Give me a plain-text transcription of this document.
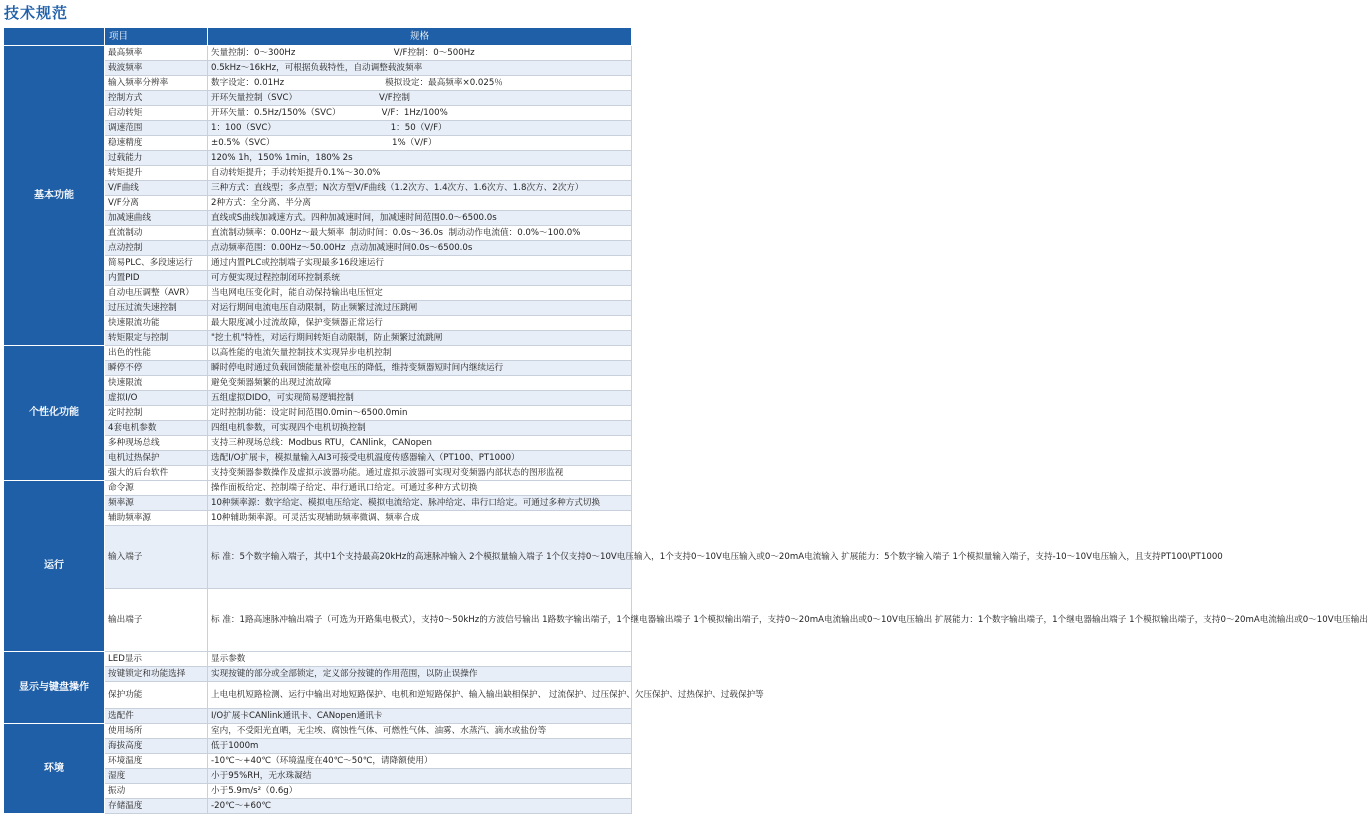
技术规范
	项目	规格
基本功能	最高频率	矢量控制：0～300Hz                                    V/F控制：0～500Hz
	载波频率	0.5kHz～16kHz，可根据负载特性，自动调整载波频率
	输入频率分辨率	数字设定：0.01Hz                                     模拟设定：最高频率×0.025％
	控制方式	开环矢量控制（SVC）                              V/F控制
	启动转矩	开环矢量：0.5Hz/150%（SVC）               V/F：1Hz/100%
	调速范围	1：100（SVC）                                          1：50（V/F）
	稳速精度	±0.5%（SVC）                                           1%（V/F）
	过载能力	120% 1h，150% 1min，180% 2s
	转矩提升	自动转矩提升；手动转矩提升0.1%～30.0%
	V/F曲线	三种方式：直线型；多点型；N次方型V/F曲线（1.2次方、1.4次方、1.6次方、1.8次方、2次方）
	V/F分离	2种方式：全分离、半分离
	加减速曲线	直线或S曲线加减速方式。四种加减速时间，加减速时间范围0.0～6500.0s
	直流制动	直流制动频率：0.00Hz～最大频率  制动时间：0.0s～36.0s  制动动作电流值：0.0%～100.0%
	点动控制	点动频率范围：0.00Hz～50.00Hz  点动加减速时间0.0s～6500.0s
	简易PLC、多段速运行	通过内置PLC或控制端子实现最多16段速运行
	内置PID	可方便实现过程控制闭环控制系统
	自动电压调整（AVR）	当电网电压变化时，能自动保持输出电压恒定
	过压过流失速控制	对运行期间电流电压自动限制，防止频繁过流过压跳闸
	快速限流功能	最大限度减小过流故障，保护变频器正常运行
	转矩限定与控制	"挖土机"特性，对运行期间转矩自动限制，防止频繁过流跳闸
个性化功能	出色的性能	以高性能的电流矢量控制技术实现异步电机控制
	瞬停不停	瞬时停电时通过负载回馈能量补偿电压的降低，维持变频器短时间内继续运行
	快速限流	避免变频器频繁的出现过流故障
	虚拟I/O	五组虚拟DIDO，可实现简易逻辑控制
	定时控制	定时控制功能：设定时间范围0.0min～6500.0min
	4套电机参数	四组电机参数，可实现四个电机切换控制
	多种现场总线	支持三种现场总线：Modbus RTU，CANlink，CANopen
	电机过热保护	选配I/O扩展卡，模拟量输入AI3可接受电机温度传感器输入（PT100、PT1000）
	强大的后台软件	支持变频器参数操作及虚拟示波器功能。通过虚拟示波器可实现对变频器内部状态的图形监视
运行	命令源	操作面板给定、控制端子给定、串行通讯口给定。可通过多种方式切换
	频率源	10种频率源：数字给定、模拟电压给定、模拟电流给定、脉冲给定、串行口给定。可通过多种方式切换
	辅助频率源	10种辅助频率源。可灵活实现辅助频率微调、频率合成
	输入端子	标 准：5个数字输入端子，其中1个支持最高20kHz的高速脉冲输入 2个模拟量输入端子 1个仅支持0～10V电压输入，1个支持0～10V电压输入或0～20mA电流输入 扩展能力：5个数字输入端子 1个模拟量输入端子，支持-10～10V电压输入，且支持PT100\PT1000
	输出端子	标 准：1路高速脉冲输出端子（可选为开路集电极式），支持0～50kHz的方波信号输出 1路数字输出端子，1个继电器输出端子 1个模拟输出端子，支持0～20mA电流输出或0～10V电压输出 扩展能力：1个数字输出端子，1个继电器输出端子 1个模拟输出端子，支持0～20mA电流输出或0～10V电压输出
显示与键盘操作	LED显示	显示参数
	按键锁定和功能选择	实现按键的部分或全部锁定，定义部分按键的作用范围，以防止误操作
	保护功能	上电电机短路检测、运行中输出对地短路保护、电机和逆短路保护、输入输出缺相保护、 过流保护、过压保护、欠压保护、过热保护、过载保护等
	选配件	I/O扩展卡CANlink通讯卡、CANopen通讯卡
环境	使用场所	室内，不受阳光直晒，无尘埃、腐蚀性气体、可燃性气体、油雾、水蒸汽、滴水或盐份等
	海拔高度	低于1000m
	环境温度	-10℃～+40℃（环境温度在40℃～50℃，请降额使用）
	湿度	小于95%RH，无水珠凝结
	振动	小于5.9m/s²（0.6g）
	存储温度	-20℃～+60℃
